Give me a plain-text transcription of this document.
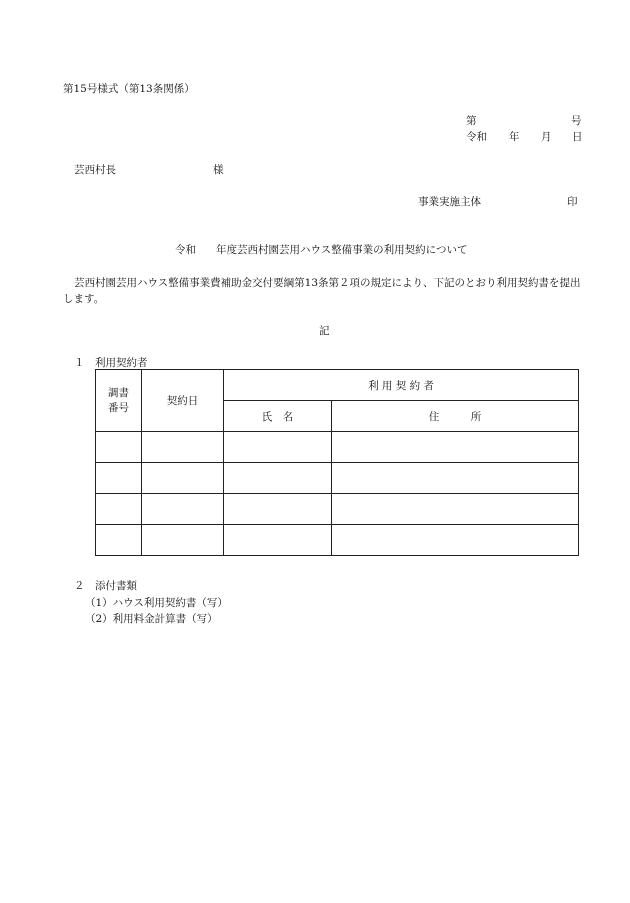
第15号様式（第13条関係）
第	号
令和 年 月 日
芸西村長	様
事業実施主体	印
令和 年度芸西村園芸用ハウス整備事業の利用契約について
芸西村園芸用ハウス整備事業費補助金交付要綱第13条第２項の規定により、下記のとおり利用契約書を提出
します。
記
１　利用契約者
調書
番号	契約日	利 用 契 約 者	
		氏　名	住　　　所

２　添付書類
（1）ハウス利用契約書（写）
（2）利用料金計算書（写）
